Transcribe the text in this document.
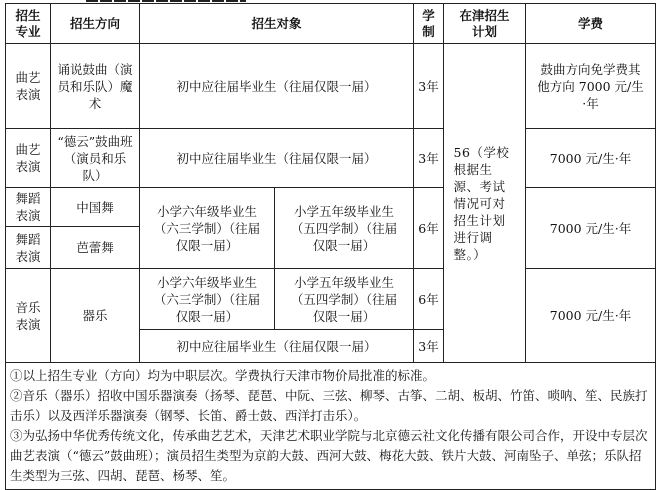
招生专业	招生方向	招生对象		学制	在津招生计划	学费
曲艺表演	诵说鼓曲（演员和乐队）魔术	初中应往届毕业生（往届仅限一届）		3年	56（学校根据生源、考试情况可对招生计划进行调整。）	鼓曲方向免学费其他方向 7000 元/生·年
曲艺表演	“德云”鼓曲班（演员和乐队）	初中应往届毕业生（往届仅限一届）		3年		7000 元/生·年
舞蹈表演	中国舞	小学六年级毕业生（六三学制）（往届仅限一届）	小学五年级毕业生（五四学制）（往届仅限一届）	6年		7000 元/生·年
舞蹈表演	芭蕾舞					
音乐表演	器乐	小学六年级毕业生（六三学制）（往届仅限一届）	小学五年级毕业生（五四学制）（往届仅限一届）	6年		7000 元/生·年
		初中应往届毕业生（往届仅限一届）		3年		

①以上招生专业（方向）均为中职层次。学费执行天津市物价局批准的标准。
②音乐（器乐）招收中国乐器演奏（扬琴、琵琶、中阮、三弦、柳琴、古筝、二胡、板胡、竹笛、唢呐、笙、民族打击乐）以及西洋乐器演奏（钢琴、长笛、爵士鼓、西洋打击乐）。
③为弘扬中华优秀传统文化，传承曲艺艺术，天津艺术职业学院与北京德云社文化传播有限公司合作，开设中专层次曲艺表演（“德云”鼓曲班）；演员招生类型为京韵大鼓、西河大鼓、梅花大鼓、铁片大鼓、河南坠子、单弦；乐队招生类型为三弦、四胡、琵琶、杨琴、笙。						
